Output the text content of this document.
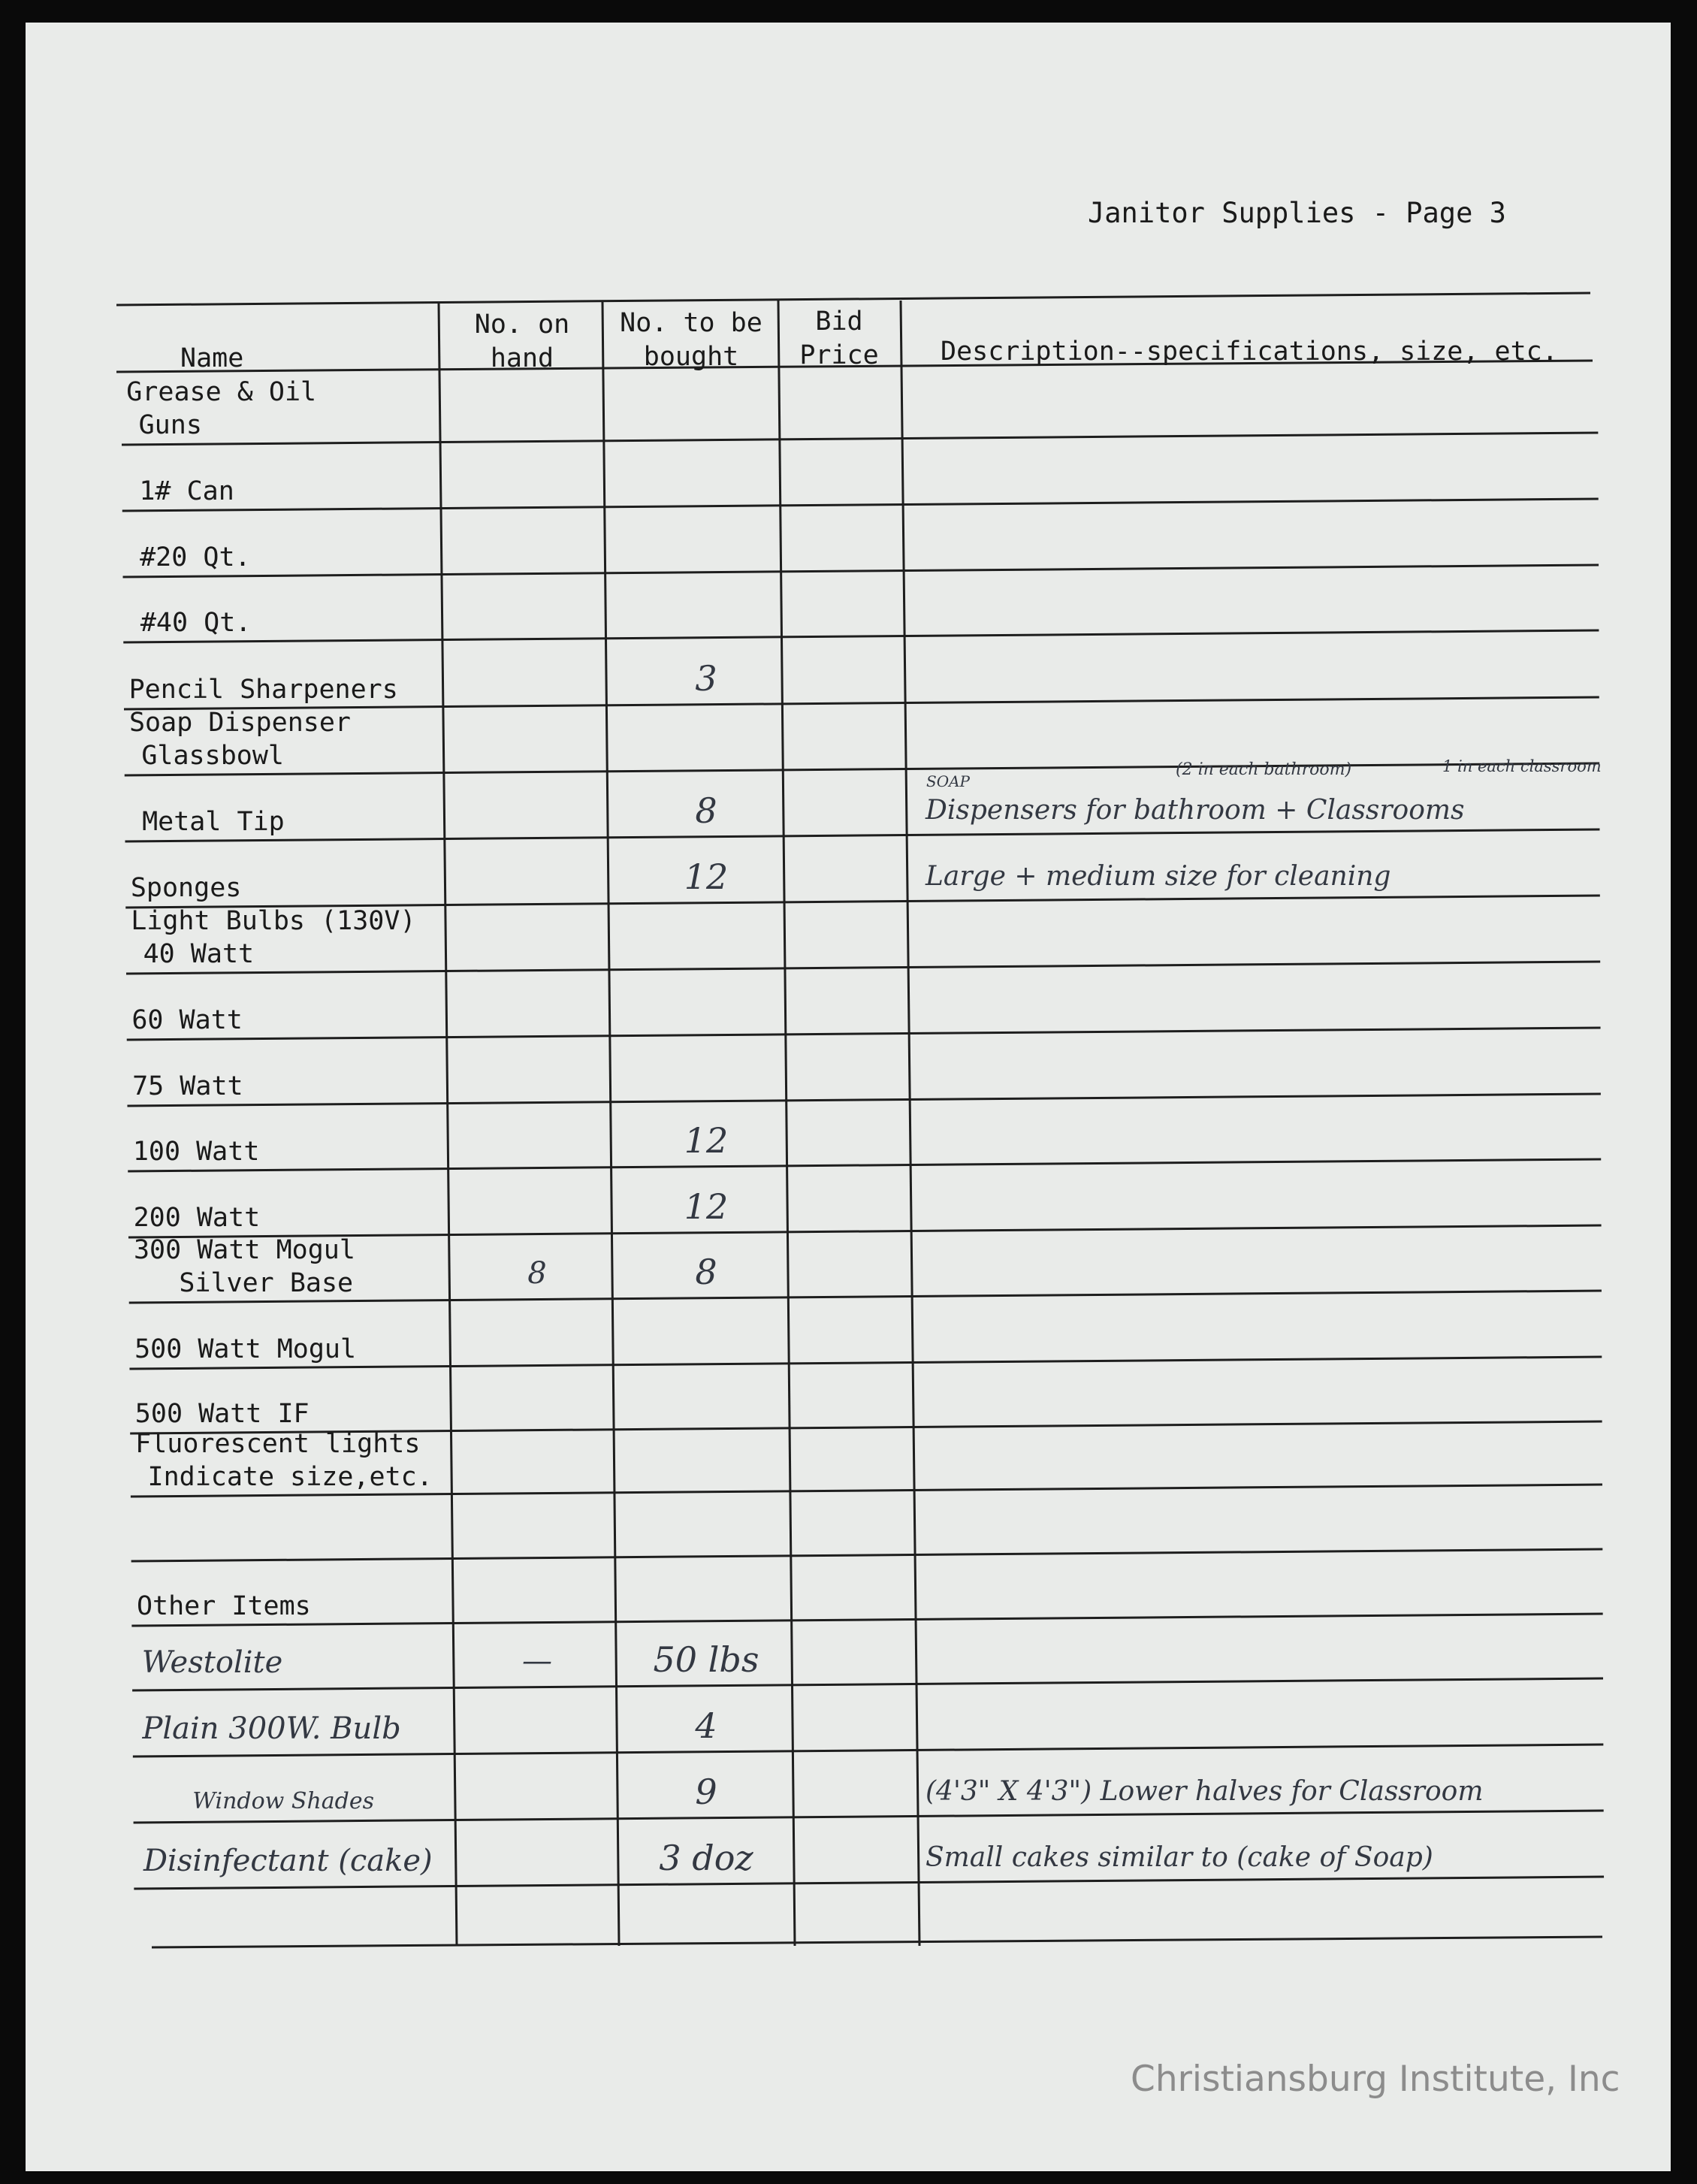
Janitor Supplies - Page 3
Name
No. on
hand
No. to be
bought
Bid
Price	Description--specifications, size, etc.
Grease & Oil
Guns
1# Can
#20 Qt.
#40 Qt.
Pencil Sharpeners	3
Soap Dispenser
Glassbowl
Metal Tip	8	Dispensers for bathroom + Classrooms
Sponges	12	Large + medium size for cleaning
Light Bulbs (130V)
40 Watt
60 Watt
75 Watt
100 Watt	12
200 Watt	12
300 Watt Mogul
Silver Base	8	8
500 Watt Mogul
500 Watt IF
Fluorescent lights
Indicate size,etc.
Other Items
Westolite	—	50 lbs
Plain 300W. Bulb	4
Window Shades	9	(4'3" X 4'3") Lower halves for Classroom
Disinfectant (cake)	3 doz	Small cakes similar to (cake of Soap)
SOAP
(2 in each bathroom)	1 in each classroom
Christiansburg Institute, Inc
